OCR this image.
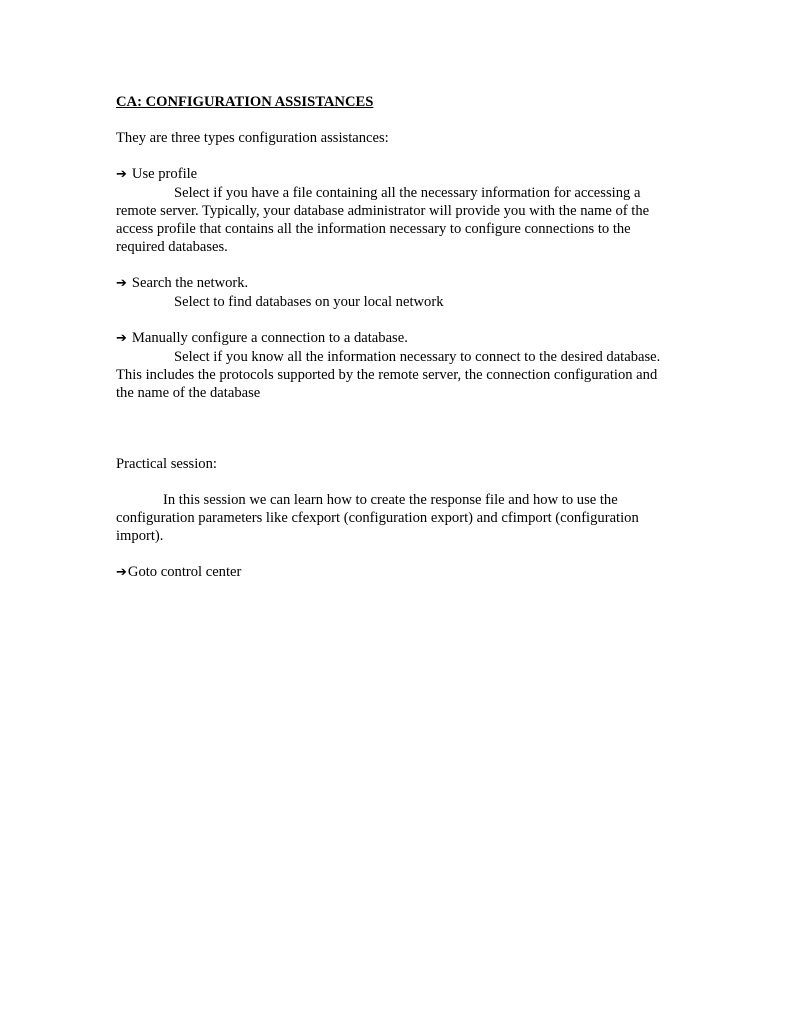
CA: CONFIGURATION ASSISTANCES

They are three types configuration assistances:

➔ Use profile

Select if you have a file containing all the necessary information for accessing a remote server. Typically, your database administrator will provide you with the name of the access profile that contains all the information necessary to configure connections to the required databases.

➔ Search the network.

Select to find databases on your local network

➔ Manually configure a connection to a database.

Select if you know all the information necessary to connect to the desired database. This includes the protocols supported by the remote server, the connection configuration and the name of the database

Practical session:

In this session we can learn how to create the response file and how to use the configuration parameters like cfexport (configuration export) and cfimport (configuration import).

➔ Goto control center
